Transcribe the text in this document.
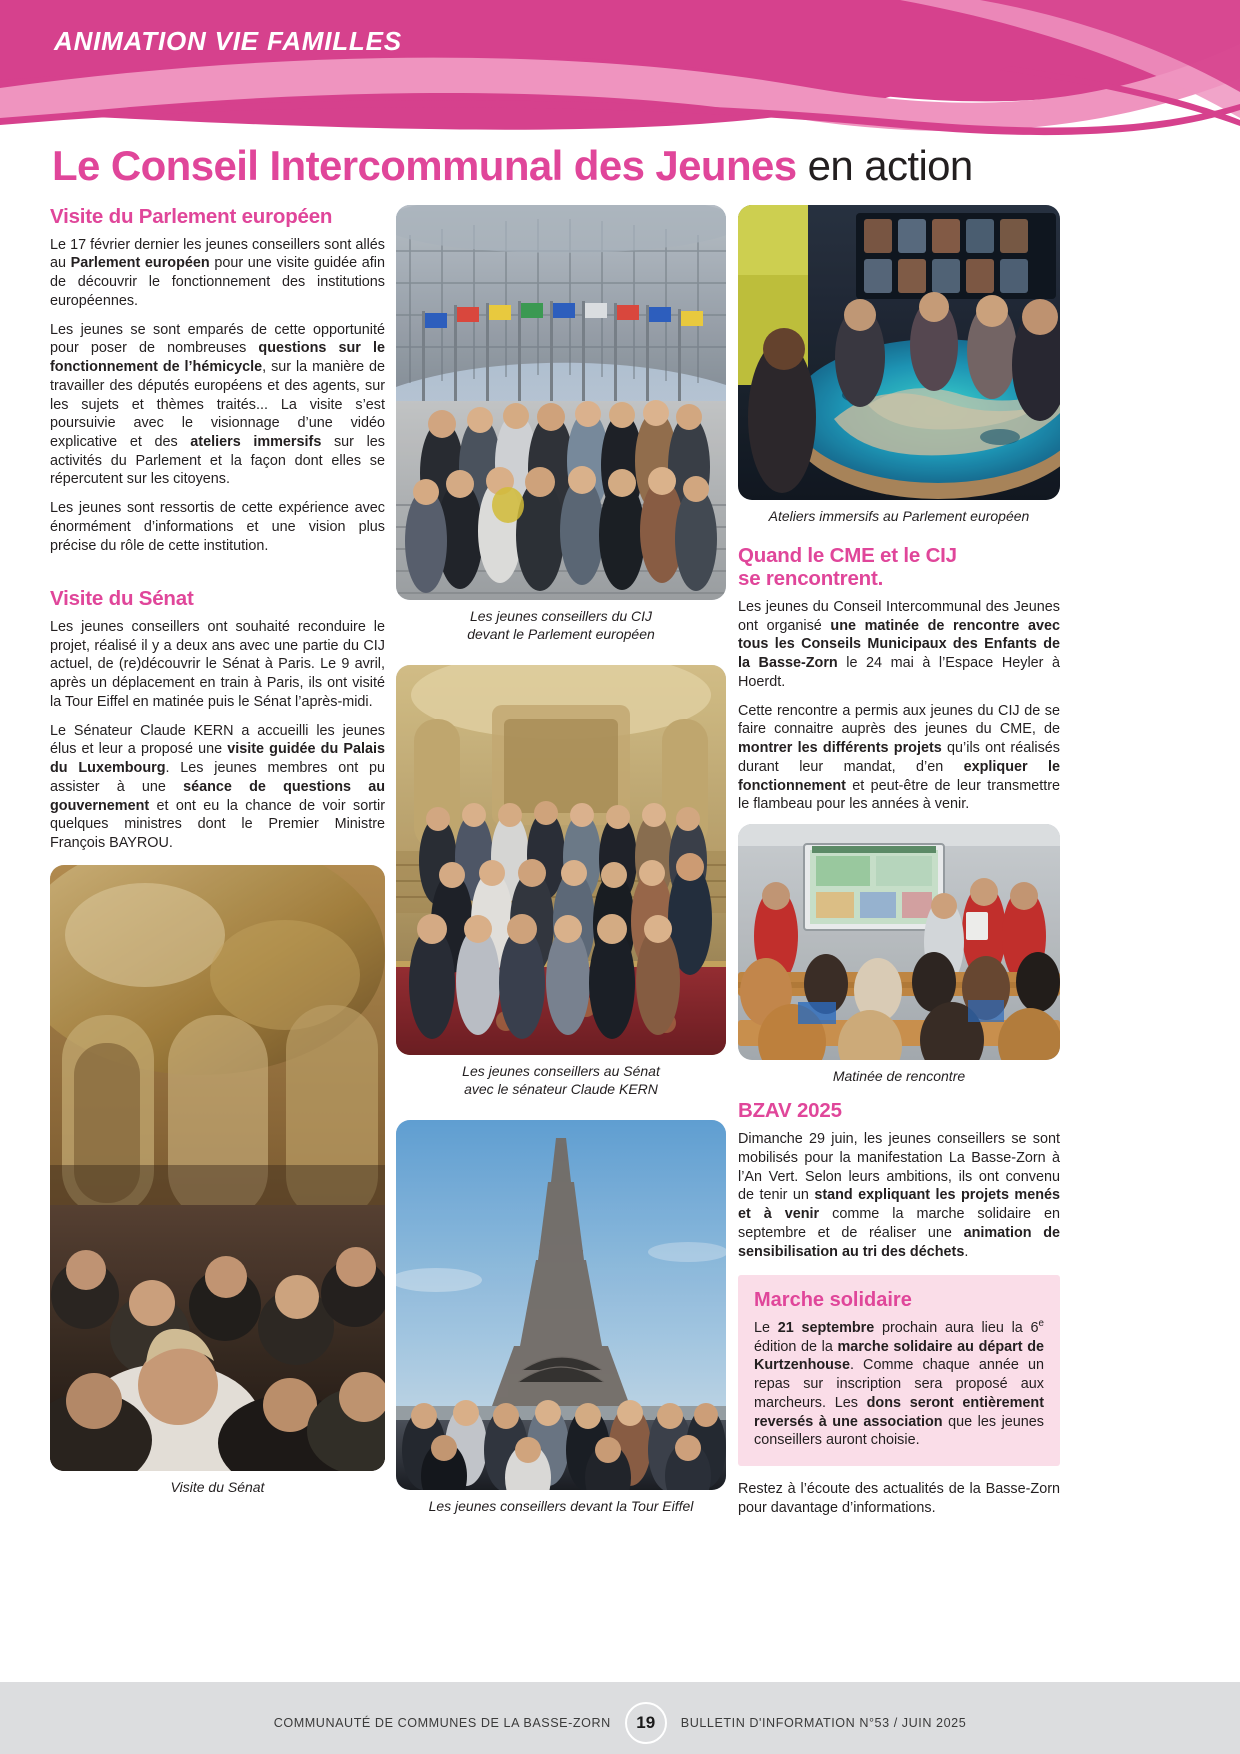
ANIMATION VIE FAMILLES
Le Conseil Intercommunal des Jeunes en action
Visite du Parlement européen

Le 17 février dernier les jeunes conseillers sont allés au Parlement européen pour une visite guidée afin de découvrir le fonctionnement des institutions européennes.

Les jeunes se sont emparés de cette opportunité pour poser de nombreuses questions sur le fonctionnement de l’hémicycle, sur la manière de travailler des députés européens et des agents, sur les sujets et thèmes traités... La visite s’est poursuivie avec le visionnage d’une vidéo explicative et des ateliers immersifs sur les activités du Parlement et la façon dont elles se répercutent sur les citoyens.

Les jeunes sont ressortis de cette expérience avec énormément d’informations et une vision plus précise du rôle de cette institution.

Visite du Sénat

Les jeunes conseillers ont souhaité reconduire le projet, réalisé il y a deux ans avec une partie du CIJ actuel, de (re)découvrir le Sénat à Paris. Le 9 avril, après un déplacement en train à Paris, ils ont visité la Tour Eiffel en matinée puis le Sénat l’après-midi.

Le Sénateur Claude KERN a accueilli les jeunes élus et leur a proposé une visite guidée du Palais du Luxembourg. Les jeunes membres ont pu assister à une séance de questions au gouvernement et ont eu la chance de voir sortir quelques ministres dont le Premier Ministre François BAYROU.

Visite du Sénat
Les jeunes conseillers du CIJ
devant le Parlement européen
Les jeunes conseillers au Sénat
avec le sénateur Claude KERN
Les jeunes conseillers devant la Tour Eiffel
Ateliers immersifs au Parlement européen
Quand le CME et le CIJ
se rencontrent.

Les jeunes du Conseil Intercommunal des Jeunes ont organisé une matinée de rencontre avec tous les Conseils Municipaux des Enfants de la Basse-Zorn le 24 mai à l’Espace Heyler à Hoerdt.

Cette rencontre a permis aux jeunes du CIJ de se faire connaitre auprès des jeunes du CME, de montrer les différents projets qu’ils ont réalisés durant leur mandat, d’en expliquer le fonctionnement et peut-être de leur transmettre le flambeau pour les années à venir.

Matinée de rencontre
BZAV 2025

Dimanche 29 juin, les jeunes conseillers se sont mobilisés pour la manifestation La Basse-Zorn à l’An Vert. Selon leurs ambitions, ils ont convenu de tenir un stand expliquant les projets menés et à venir comme la marche solidaire en septembre et de réaliser une animation de sensibilisation au tri des déchets.

Marche solidaire

Le 21 septembre prochain aura lieu la 6e édition de la marche solidaire au départ de Kurtzenhouse. Comme chaque année un repas sur inscription sera proposé aux marcheurs. Les dons seront entièrement reversés à une association que les jeunes conseillers auront choisie.

Restez à l’écoute des actualités de la Basse-Zorn pour davantage d’informations.

COMMUNAUTÉ DE COMMUNES DE LA BASSE-ZORN	19	BULLETIN D'INFORMATION N°53 / JUIN 2025
